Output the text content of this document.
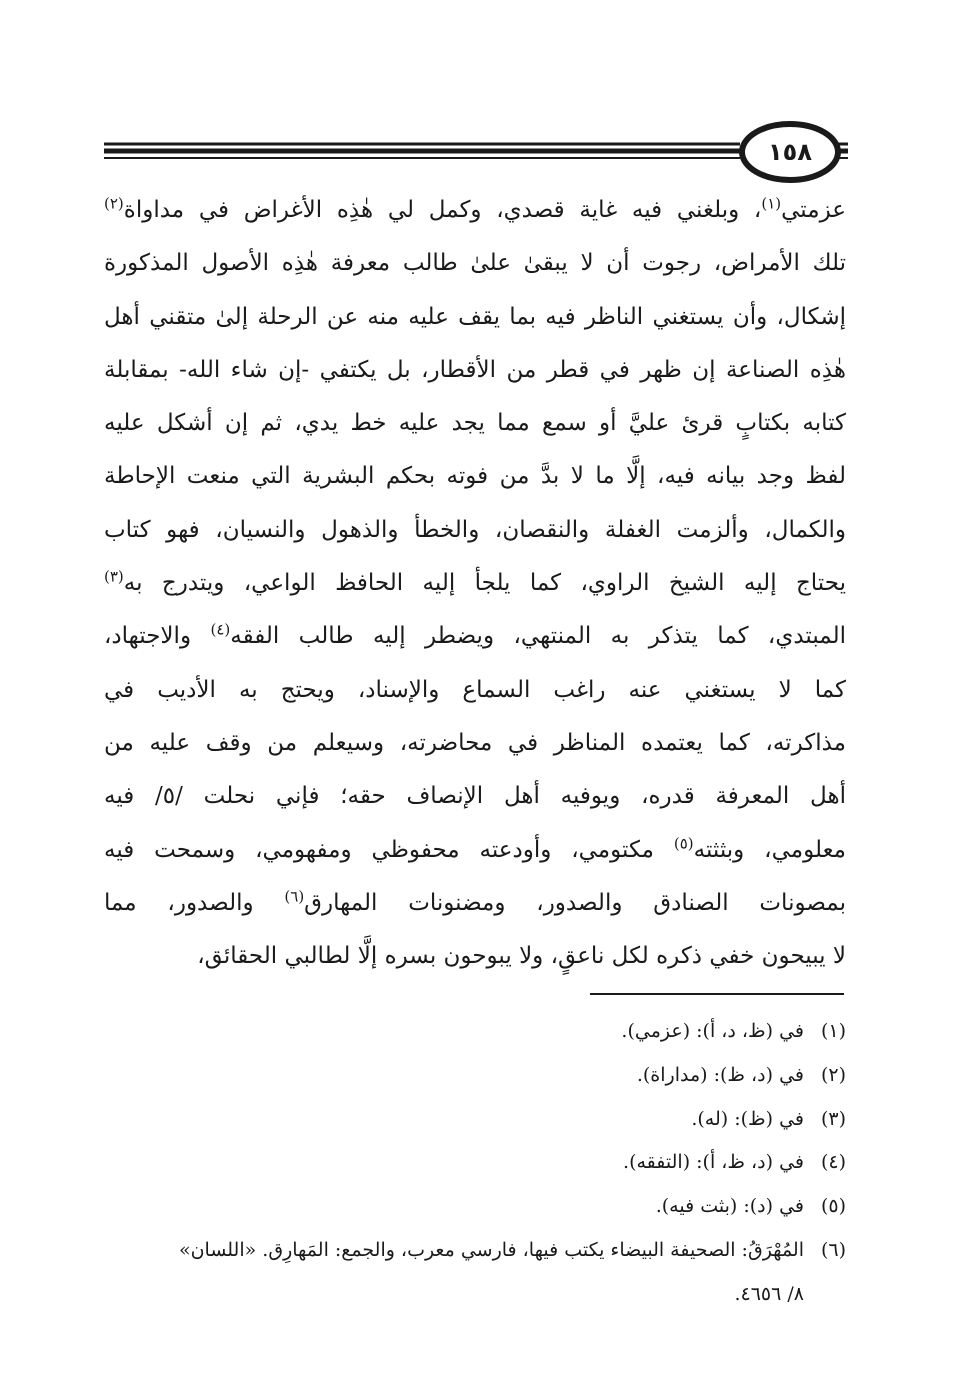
١٥٨
عزمتي$^{(١)}$، وبلغني فيه غاية قصدي، وكمل لي هٰذِه الأغراض في مداواة$^{(٢)}$
تلك الأمراض، رجوت أن لا يبقىٰ علىٰ طالب معرفة هٰذِه الأصول المذكورة
إشكال، وأن يستغني الناظر فيه بما يقف عليه منه عن الرحلة إلىٰ متقني أهل
هٰذِه الصناعة إن ظهر في قطر من الأقطار، بل يكتفي -إن شاء الله- بمقابلة
كتابه بكتابٍ قرئ عليَّ أو سمع مما يجد عليه خط يدي، ثم إن أشكل عليه
لفظ وجد بيانه فيه، إلَّا ما لا بدَّ من فوته بحكم البشرية التي منعت الإحاطة
والكمال، وألزمت الغفلة والنقصان، والخطأ والذهول والنسيان، فهو كتاب
يحتاج إليه الشيخ الراوي، كما يلجأ إليه الحافظ الواعي، ويتدرج به$^{(٣)}$
المبتدي، كما يتذكر به المنتهي، ويضطر إليه طالب الفقه$^{(٤)}$ والاجتهاد،
كما لا يستغني عنه راغب السماع والإسناد، ويحتج به الأديب في
مذاكرته، كما يعتمده المناظر في محاضرته، وسيعلم من وقف عليه من
أهل المعرفة قدره، ويوفيه أهل الإنصاف حقه؛ فإني نحلت /٥/ فيه
معلومي، وبثثته$^{(٥)}$ مكتومي، وأودعته محفوظي ومفهومي، وسمحت فيه
بمصونات الصنادق والصدور، ومضنونات المهارق$^{(٦)}$ والصدور، مما
لا يبيحون خفي ذكره لكل ناعقٍ، ولا يبوحون بسره إلَّا لطالبي الحقائق،
(١)في (ظ، د، أ): (عزمي).
(٢)في (د، ظ): (مداراة).
(٣)في (ظ): (له).
(٤)في (د، ظ، أ): (التفقه).
(٥)في (د): (بثت فيه).
(٦)المُهْرَقُ: الصحيفة البيضاء يكتب فيها، فارسي معرب، والجمع: المَهارِق. «اللسان»
٨/ ٤٦٥٦.
